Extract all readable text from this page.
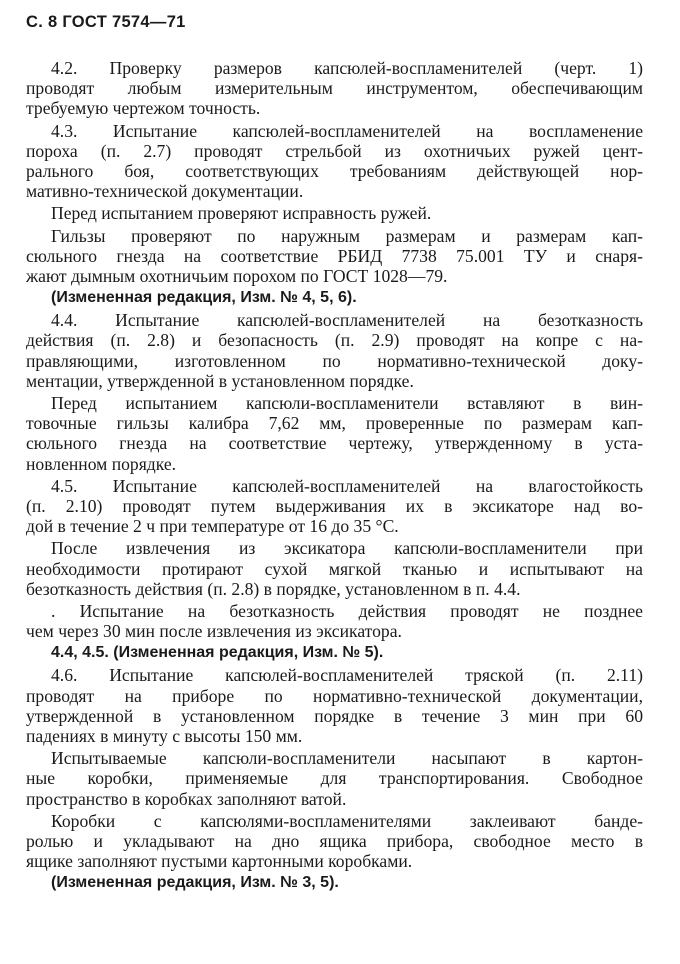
С. 8 ГОСТ 7574—71
4.2. Проверку размеров капсюлей-воспламенителей (черт. 1)
проводят любым измерительным инструментом, обеспечивающим
требуемую чертежом точность.
4.3. Испытание капсюлей-воспламенителей на воспламенение
пороха (п. 2.7) проводят стрельбой из охотничьих ружей цент-
рального боя, соответствующих требованиям действующей нор-
мативно-технической документации.
Перед испытанием проверяют исправность ружей.
Гильзы проверяют по наружным размерам и размерам кап-
сюльного гнезда на соответствие РБИД 7738 75.001 ТУ и снаря-
жают дымным охотничьим порохом по ГОСТ 1028—79.
(Измененная редакция, Изм. № 4, 5, 6).
4.4. Испытание капсюлей-воспламенителей на безотказность
действия (п. 2.8) и безопасность (п. 2.9) проводят на копре с на-
правляющими, изготовленном по нормативно-технической доку-
ментации, утвержденной в установленном порядке.
Перед испытанием капсюли-воспламенители вставляют в вин-
товочные гильзы калибра 7,62 мм, проверенные по размерам кап-
сюльного гнезда на соответствие чертежу, утвержденному в уста-
новленном порядке.
4.5. Испытание капсюлей-воспламенителей на влагостойкость
(п. 2.10) проводят путем выдерживания их в эксикаторе над во-
дой в течение 2 ч при температуре от 16 до 35 °С.
После извлечения из эксикатора капсюли-воспламенители при
необходимости протирают сухой мягкой тканью и испытывают на
безотказность действия (п. 2.8) в порядке, установленном в п. 4.4.
. Испытание на безотказность действия проводят не позднее
чем через 30 мин после извлечения из эксикатора.
4.4, 4.5. (Измененная редакция, Изм. № 5).
4.6. Испытание капсюлей-воспламенителей тряской (п. 2.11)
проводят на приборе по нормативно-технической документации,
утвержденной в установленном порядке в течение 3 мин при 60
падениях в минуту с высоты 150 мм.
Испытываемые капсюли-воспламенители насыпают в картон-
ные коробки, применяемые для транспортирования. Свободное
пространство в коробках заполняют ватой.
Коробки с капсюлями-воспламенителями заклеивают банде-
ролью и укладывают на дно ящика прибора, свободное место в
ящике заполняют пустыми картонными коробками.
(Измененная редакция, Изм. № 3, 5).
